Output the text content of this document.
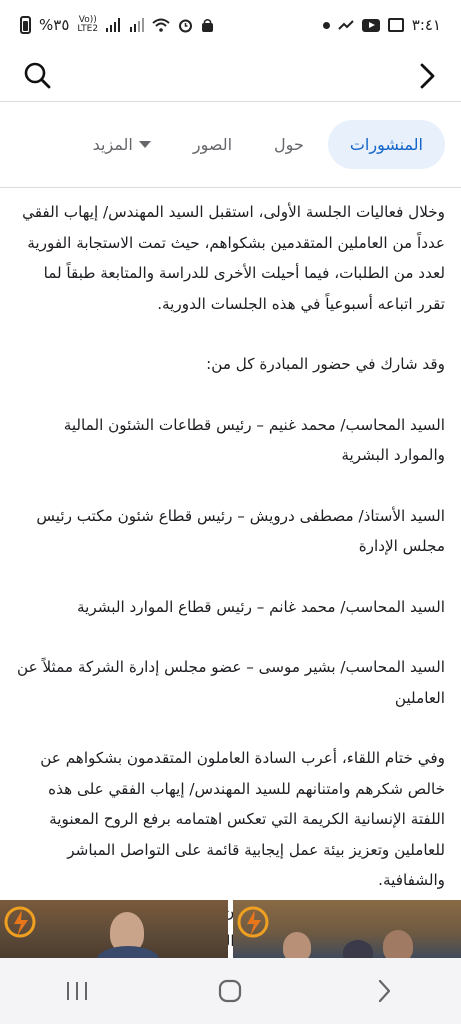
%٣٥ Vo))
LTE2	٣:٤١
المنشورات
حول
الصور
المزيد

وخلال فعاليات الجلسة الأولى، استقبل السيد المهندس/ إيهاب الفقي عدداً من العاملين المتقدمين بشكواهم، حيث تمت الاستجابة الفورية لعدد من الطلبات، فيما أحيلت الأخرى للدراسة والمتابعة طبقاً لما تقرر اتباعه أسبوعياً في هذه الجلسات الدورية.

وقد شارك في حضور المبادرة كل من:

السيد المحاسب/ محمد غنيم – رئيس قطاعات الشئون المالية والموارد البشرية

السيد الأستاذ/ مصطفى درويش – رئيس قطاع شئون مكتب رئيس مجلس الإدارة

السيد المحاسب/ محمد غانم – رئيس قطاع الموارد البشرية

السيد المحاسب/ بشير موسى – عضو مجلس إدارة الشركة ممثلاً عن العاملين

وفي ختام اللقاء، أعرب السادة العاملون المتقدمون بشكواهم عن خالص شكرهم وامتنانهم للسيد المهندس/ إيهاب الفقي على هذه اللفتة الإنسانية الكريمة التي تعكس اهتمامه برفع الروح المعنوية للعاملين وتعزيز بيئة عمل إيجابية قائمة على التواصل المباشر والشفافية.
